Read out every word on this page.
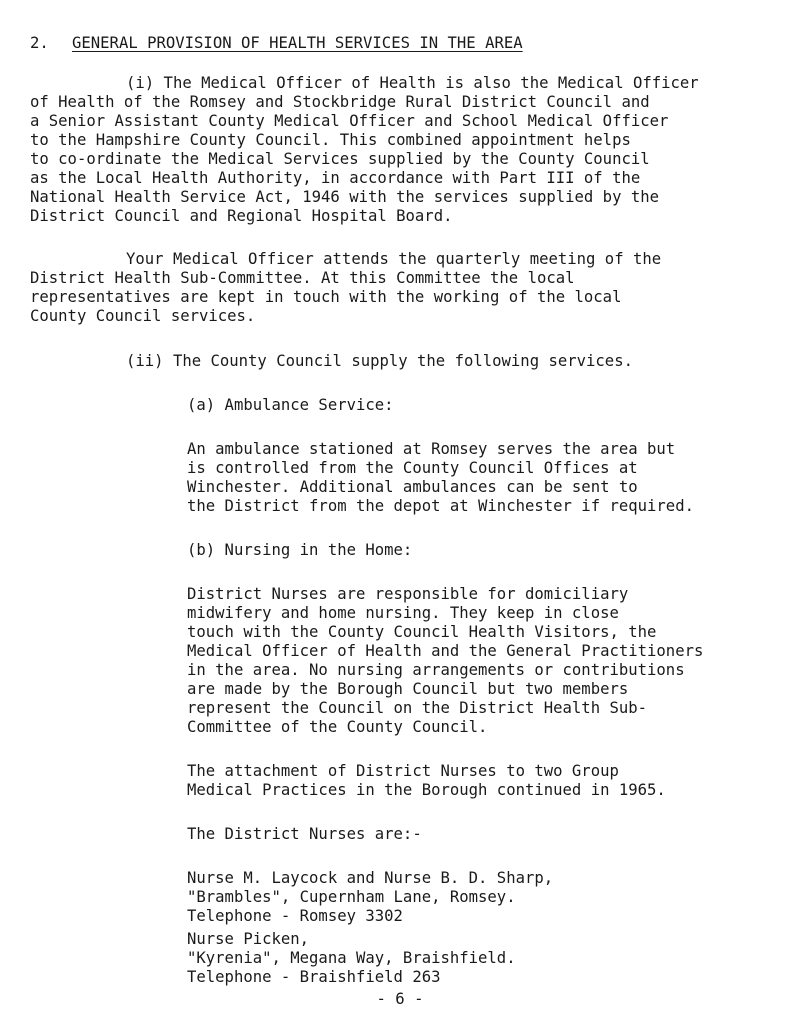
2. GENERAL PROVISION OF HEALTH SERVICES IN THE AREA
(i) The Medical Officer of Health is also the Medical Officer
of Health of the Romsey and Stockbridge Rural District Council and
a Senior Assistant County Medical Officer and School Medical Officer
to the Hampshire County Council. This combined appointment helps
to co-ordinate the Medical Services supplied by the County Council
as the Local Health Authority, in accordance with Part III of the
National Health Service Act, 1946 with the services supplied by the
District Council and Regional Hospital Board.
Your Medical Officer attends the quarterly meeting of the
District Health Sub-Committee. At this Committee the local
representatives are kept in touch with the working of the local
County Council services.
(ii) The County Council supply the following services.
(a) Ambulance Service:
An ambulance stationed at Romsey serves the area but
is controlled from the County Council Offices at
Winchester. Additional ambulances can be sent to
the District from the depot at Winchester if required.
(b) Nursing in the Home:
District Nurses are responsible for domiciliary
midwifery and home nursing. They keep in close
touch with the County Council Health Visitors, the
Medical Officer of Health and the General Practitioners
in the area. No nursing arrangements or contributions
are made by the Borough Council but two members
represent the Council on the District Health Sub-
Committee of the County Council.
The attachment of District Nurses to two Group
Medical Practices in the Borough continued in 1965.
The District Nurses are:-
Nurse M. Laycock and Nurse B. D. Sharp,
"Brambles", Cupernham Lane, Romsey.
Telephone - Romsey 3302
Nurse Picken,
"Kyrenia", Megana Way, Braishfield.
Telephone - Braishfield 263
- 6 -
